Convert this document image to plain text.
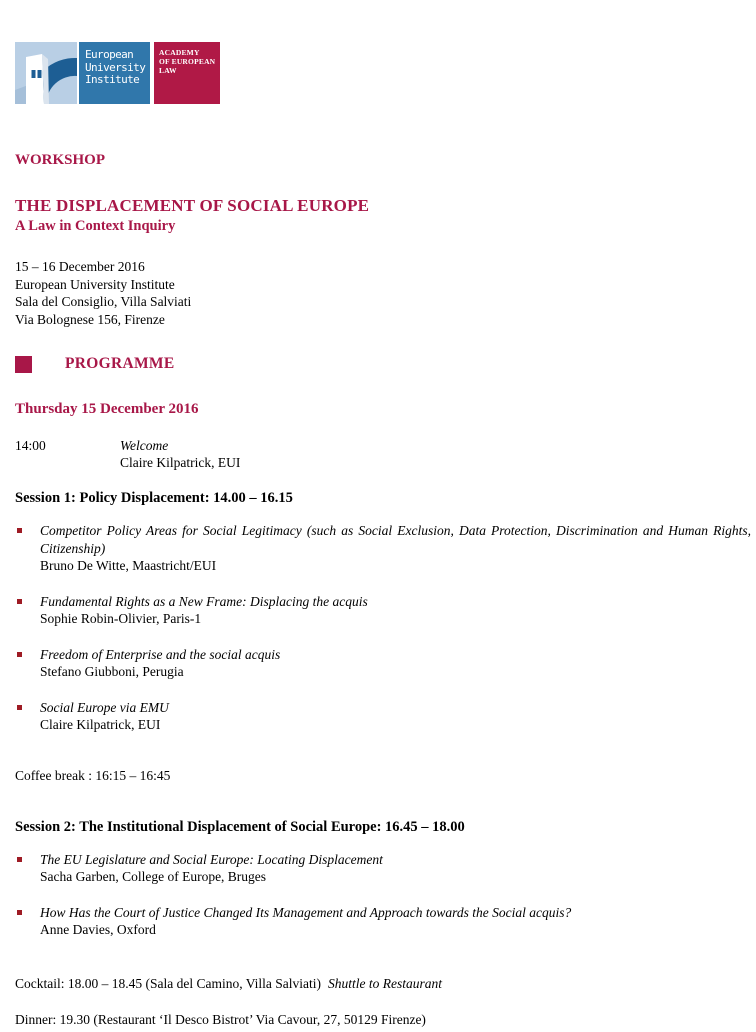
European
University
Institute
ACADEMY
OF EUROPEAN
LAW
WORKSHOP
THE DISPLACEMENT OF SOCIAL EUROPE
A Law in Context Inquiry
15 – 16 December 2016
European University Institute
Sala del Consiglio, Villa Salviati
Via Bolognese 156, Firenze
PROGRAMME
Thursday 15 December 2016
14:00	Welcome
Claire Kilpatrick, EUI
Session 1: Policy Displacement: 14.00 – 16.15
Competitor Policy Areas for Social Legitimacy (such as Social Exclusion, Data Protection, Discrimination and Human Rights, Citizenship)
Bruno De Witte, Maastricht/EUI
Fundamental Rights as a New Frame: Displacing the acquis
Sophie Robin-Olivier, Paris-1
Freedom of Enterprise and the social acquis
Stefano Giubboni, Perugia
Social Europe via EMU
Claire Kilpatrick, EUI
Coffee break : 16:15 – 16:45
Session 2: The Institutional Displacement of Social Europe: 16.45 – 18.00
The EU Legislature and Social Europe: Locating Displacement
Sacha Garben, College of Europe, Bruges
How Has the Court of Justice Changed Its Management and Approach towards the Social acquis?
Anne Davies, Oxford
Cocktail: 18.00 – 18.45 (Sala del Camino, Villa Salviati) Shuttle to Restaurant
Dinner: 19.30 (Restaurant ‘Il Desco Bistrot’ Via Cavour, 27, 50129 Firenze)
